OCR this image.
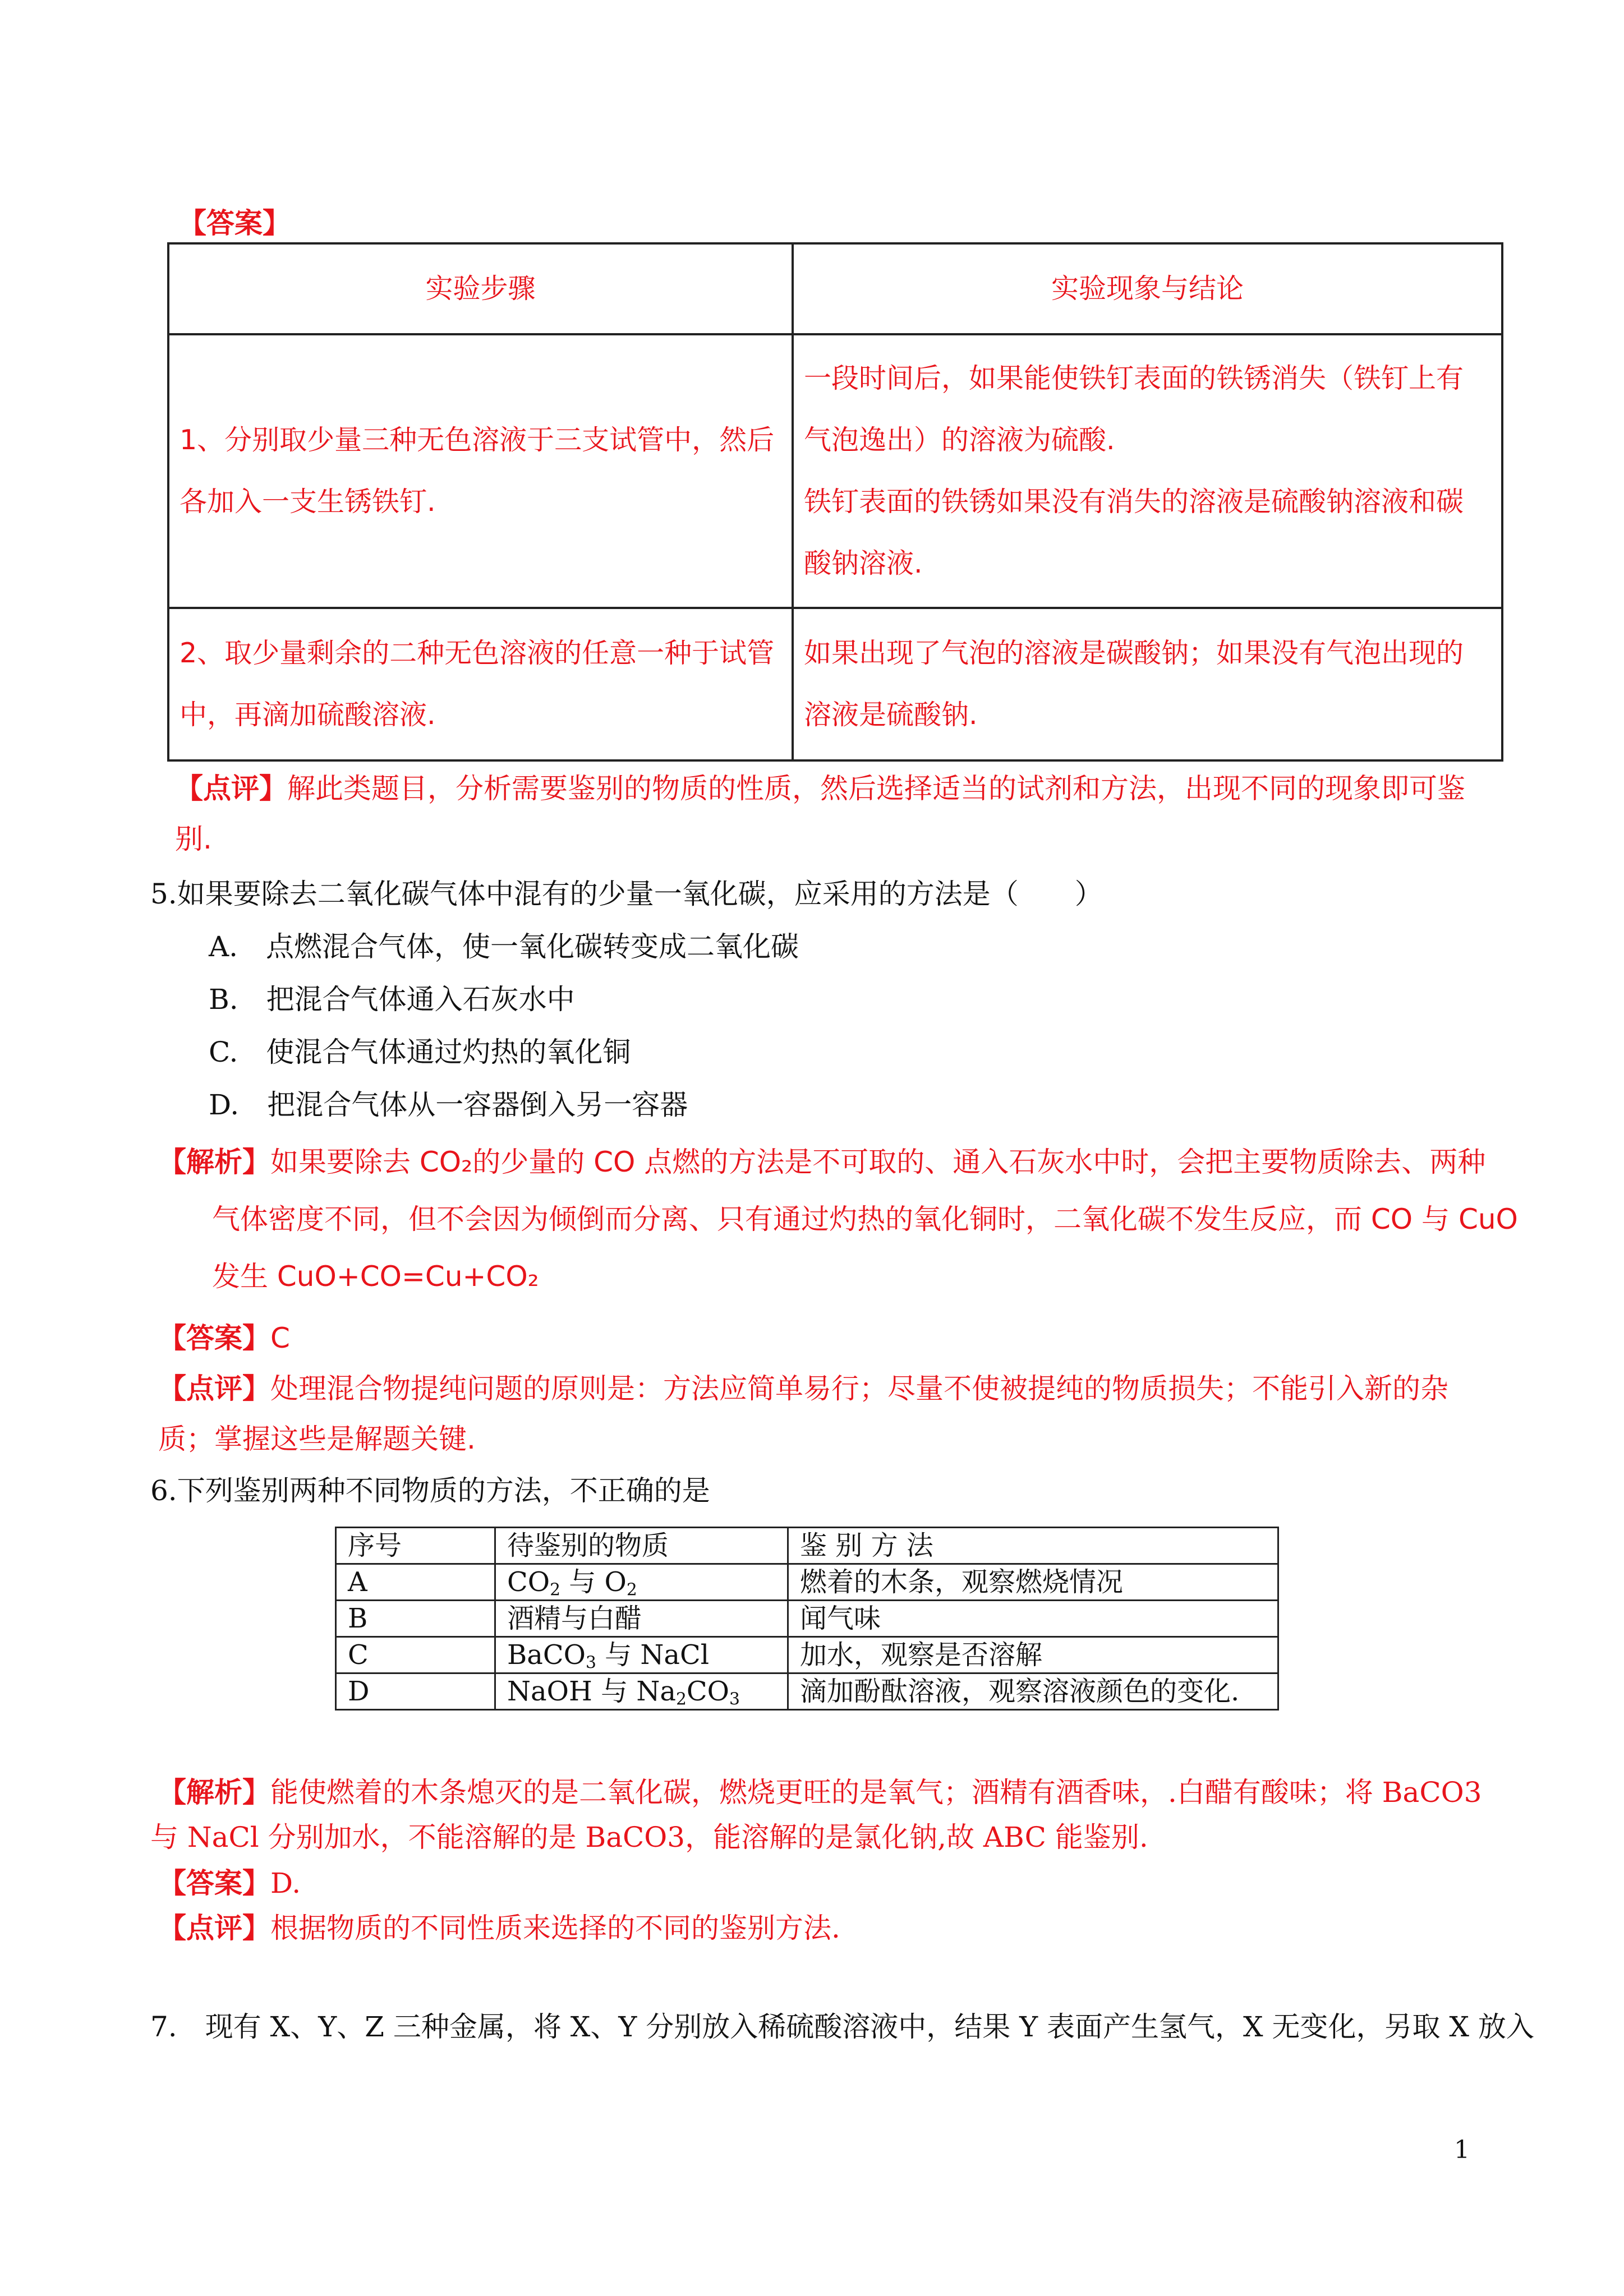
【答案】
实验步骤	实验现象与结论
1、分别取少量三种无色溶液于三支试管中，然后各加入一支生锈铁钉.	一段时间后，如果能使铁钉表面的铁锈消失（铁钉上有
气泡逸出）的溶液为硫酸.
铁钉表面的铁锈如果没有消失的溶液是硫酸钠溶液和碳
酸钠溶液.

2、取少量剩余的二种无色溶液的任意一种于试管中，再滴加硫酸溶液.	如果出现了气泡的溶液是碳酸钠；如果没有气泡出现的
溶液是硫酸钠.
【点评】解此类题目，分析需要鉴别的物质的性质，然后选择适当的试剂和方法，出现不同的现象即可鉴
别.
5.如果要除去二氧化碳气体中混有的少量一氧化碳，应采用的方法是（　　）
A.　点燃混合气体，使一氧化碳转变成二氧化碳
B.　把混合气体通入石灰水中
C.　使混合气体通过灼热的氧化铜
D.　把混合气体从一容器倒入另一容器
【解析】如果要除去 CO₂的少量的 CO 点燃的方法是不可取的、通入石灰水中时，会把主要物质除去、两种
气体密度不同，但不会因为倾倒而分离、只有通过灼热的氧化铜时，二氧化碳不发生反应，而 CO 与 CuO
发生 CuO+CO=Cu+CO₂
【答案】C
【点评】处理混合物提纯问题的原则是：方法应简单易行；尽量不使被提纯的物质损失；不能引入新的杂
质；掌握这些是解题关键.
6.下列鉴别两种不同物质的方法，不正确的是
序号	待鉴别的物质	鉴 别 方 法
A	$CO_2$ 与 $O_2$	燃着的木条，观察燃烧情况
B	酒精与白醋	闻气味
C	BaCO$_3$ 与 NaCl	加水，观察是否溶解
D	NaOH 与 $Na_2CO_3$	滴加酚酞溶液，观察溶液颜色的变化.
【解析】能使燃着的木条熄灭的是二氧化碳，燃烧更旺的是氧气；酒精有酒香味，.白醋有酸味；将 BaCO3
与 NaCl 分别加水，不能溶解的是 BaCO3，能溶解的是氯化钠,故 ABC 能鉴别.
【答案】D.
【点评】根据物质的不同性质来选择的不同的鉴别方法.
7.　现有 X、Y、Z 三种金属，将 X、Y 分别放入稀硫酸溶液中，结果 Y 表面产生氢气，X 无变化，另取 X 放入
1
